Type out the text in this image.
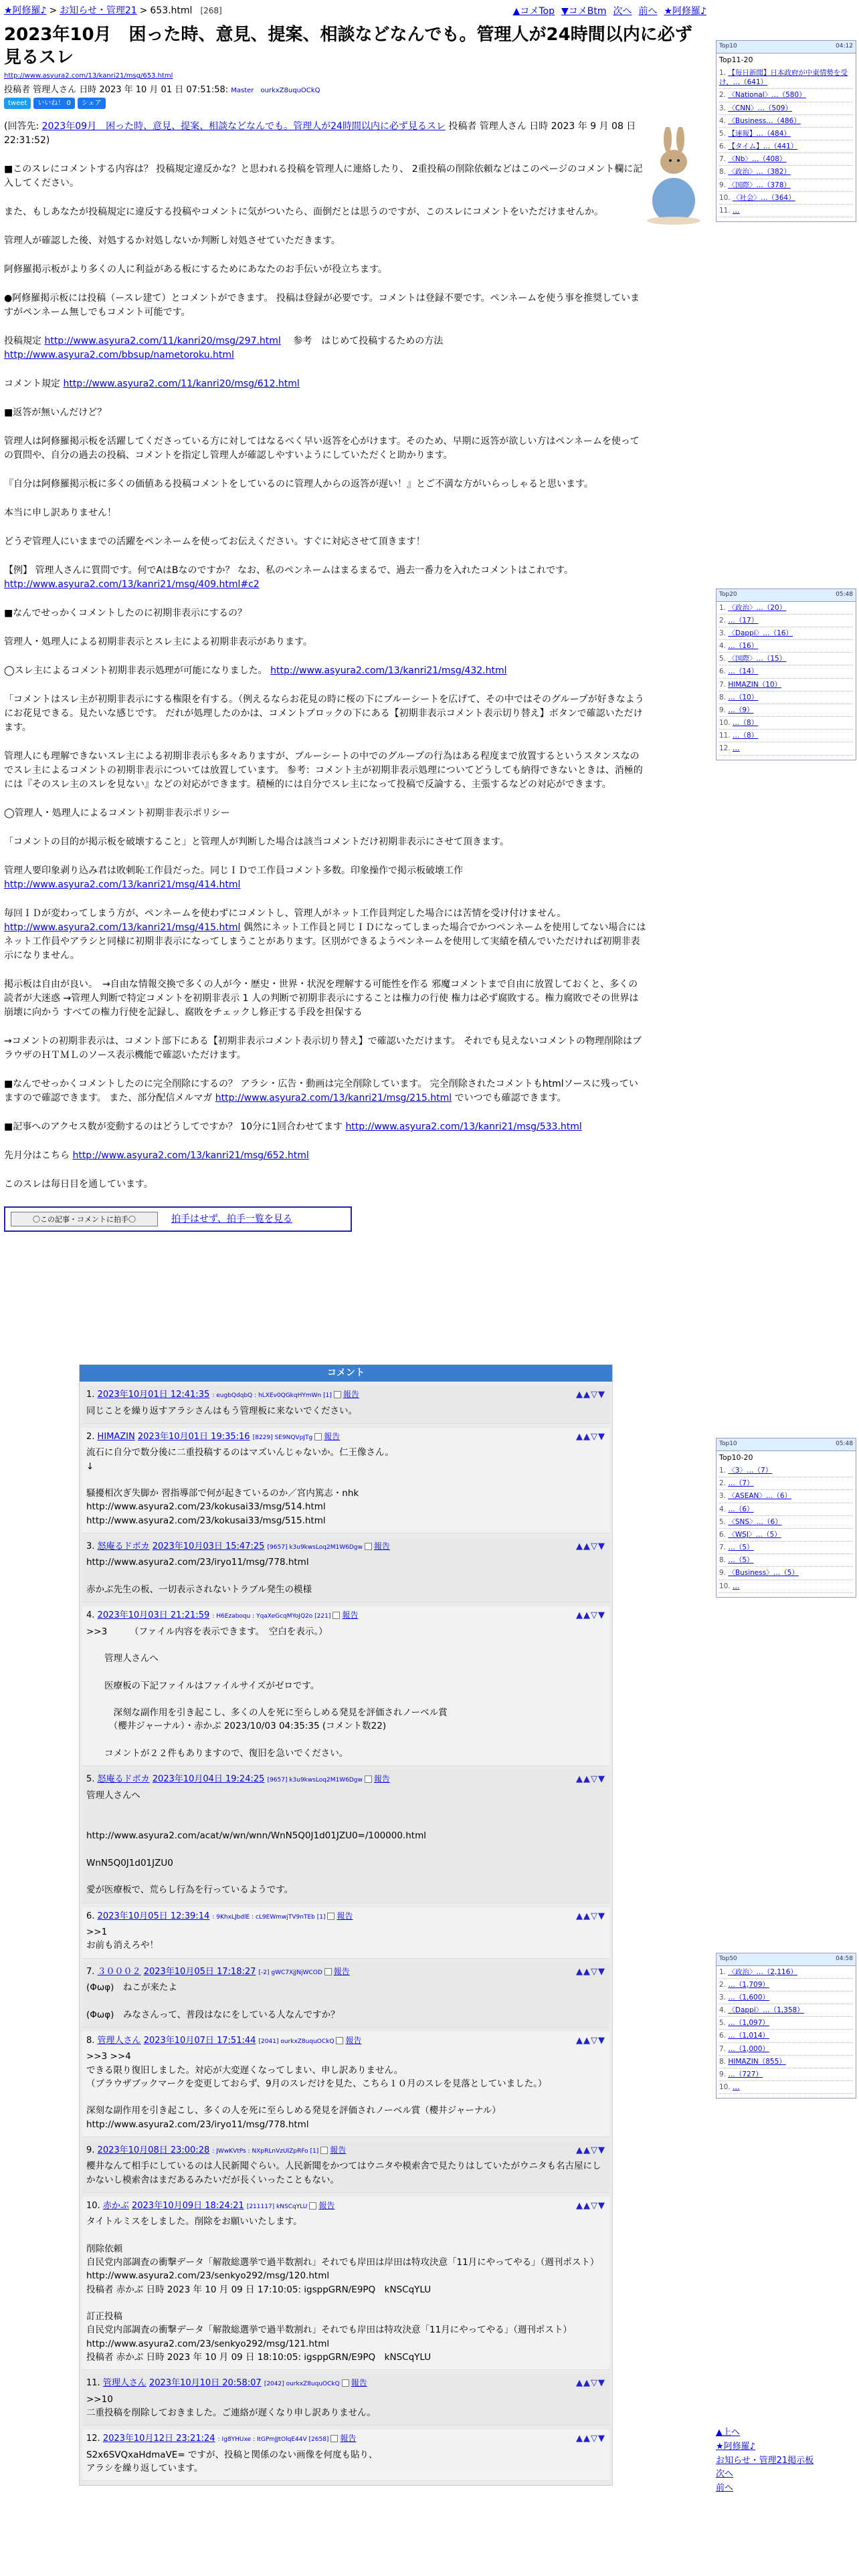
★阿修羅♪ > お知らせ・管理21 > 653.html [268]
2023年10月　困った時、意見、提案、相談などなんでも。管理人が24時間以内に必ず見るスレ
http://www.asyura2.com/13/kanri21/msg/653.html
投稿者 管理人さん 日時 2023 年 10 月 01 日 07:51:58: Master　ourkxZ8uquOCkQ
tweet	いいね！ 0	シェア

(回答先: 2023年09月　困った時、意見、提案、相談などなんでも。管理人が24時間以内に必ず見るスレ 投稿者 管理人さん 日時 2023 年 9 月 08 日 22:31:52)

■このスレにコメントする内容は？ 投稿規定違反かな？と思われる投稿を管理人に連絡したり、 2重投稿の削除依頼などはこのページのコメント欄に記入してください。

また、もしあなたが投稿規定に違反する投稿やコメントに気がついたら、面倒だとは思うのですが、このスレにコメントをいただけませんか。

管理人が確認した後、対処するか対処しないか判断し対処させていただきます。

阿修羅掲示板がより多くの人に利益がある板にするためにあなたのお手伝いが役立ちます。

●阿修羅掲示板には投稿（ースレ建て）とコメントができます。 投稿は登録が必要です。コメントは登録不要です。ペンネームを使う事を推奨していますがペンネーム無しでもコメント可能です。

投稿規定 http://www.asyura2.com/11/kanri20/msg/297.html 　参考　はじめて投稿するための方法 http://www.asyura2.com/bbsup/nametoroku.html

コメント規定 http://www.asyura2.com/11/kanri20/msg/612.html

■返答が無いんだけど？

管理人は阿修羅掲示板を活躍してくださっている方に対してはなるべく早い返答を心がけます。そのため、早期に返答が欲しい方はペンネームを使っての質問や、自分の過去の投稿、コメントを指定し管理人が確認しやすいようにしていただくと助かります。

『自分は阿修羅掲示板に多くの価値ある投稿コメントをしているのに管理人からの返答が遅い！』とご不満な方がいらっしゃると思います。

本当に申し訳ありません！

どうぞ管理人にいままでの活躍をペンネームを使ってお伝えください。すぐに対応させて頂きます！

【例】 管理人さんに質問です。何でAはBなのですか？ なお、私のペンネームはまるまるで、過去一番力を入れたコメントはこれです。 http://www.asyura2.com/13/kanri21/msg/409.html#c2

■なんでせっかくコメントしたのに初期非表示にするの？

管理人・処理人による初期非表示とスレ主による初期非表示があります。

◯スレ主によるコメント初期非表示処理が可能になりました。 http://www.asyura2.com/13/kanri21/msg/432.html

「コメントはスレ主が初期非表示にする権限を有する。（例えるならお花見の時に桜の下にブルーシートを広げて、その中ではそのグループが好きなようにお花見できる。見たいな感じです。 だれが処理したのかは、コメントブロックの下にある【初期非表示コメント表示切り替え】ボタンで確認いただけます。

管理人にも理解できないスレ主による初期非表示も多々ありますが、ブルーシートの中でのグループの行為はある程度まで放置するというスタンスなのでスレ主によるコメントの初期非表示については放置しています。 参考：コメント主が初期非表示処理についてどうしても納得できないときは、消極的には『そのスレ主のスレを見ない』などの対応ができます。積極的には自分でスレ主になって投稿で反論する、主張するなどの対応ができます。

◯管理人・処理人によるコメント初期非表示ポリシー

「コメントの目的が掲示板を破壊すること」と管理人が判断した場合は該当コメントだけ初期非表示にさせて頂きます。

管理人要印象剥り込み君は敗刺恥工作員だった。同じＩＤで工作員コメント多数。印象操作で掲示板破壊工作 http://www.asyura2.com/13/kanri21/msg/414.html

毎回ＩＤが変わってしまう方が、ペンネームを使わずにコメントし、管理人がネット工作員判定した場合には苦情を受け付けません。 http://www.asyura2.com/13/kanri21/msg/415.html 偶然にネット工作員と同じＩＤになってしまった場合でかつペンネームを使用してない場合にはネット工作員やアラシと同様に初期非表示になってしまうことがあります。区別ができるようペンネームを使用して実績を積んでいただければ初期非表示になりません。

掲示板は自由が良い。　→自由な情報交換で多くの人が今・歴史・世界・状況を理解する可能性を作る 邪魔コメントまで自由に放置しておくと、多くの読者が大迷惑 →管理人判断で特定コメントを初期非表示 1 人の判断で初期非表示にすることは権力の行使 権力は必ず腐敗する。権力腐敗でその世界は崩壊に向かう すべての権力行使を記録し、腐敗をチェックし修正する手段を担保する

→コメントの初期非表示は、コメント部下にある【初期非表示コメント表示切り替え】で確認いただけます。 それでも見えないコメントの物理削除はブラウザのＨＴＭＬのソース表示機能で確認いただけます。

■なんでせっかくコメントしたのに完全削除にするの？ アラシ・広告・動画は完全削除しています。 完全削除されたコメントもhtmlソースに残っていますので確認できます。 また、部分配信メルマガ http://www.asyura2.com/13/kanri21/msg/215.html でいつでも確認できます。

■記事へのアクセス数が変動するのはどうしてですか？ 10分に1回合わせてます http://www.asyura2.com/13/kanri21/msg/533.html

先月分はこちら http://www.asyura2.com/13/kanri21/msg/652.html

このスレは毎日目を通しています。

〇この記事・コメントに拍手〇	拍手はせず、拍手一覧を見る
▲コメTop ▼コメBtm 次へ 前へ ★阿修羅♪
コメント
1. 2023年10月01日 12:41:35 : eugbQdqbQ : hLXEv0QGkqHYmWn [1] 報告	▲▲▽▼
同じことを繰り返すアラシさんはもう管理板に来ないでください。
2. HIMAZIN 2023年10月01日 19:35:16 [8229] SE9NQVpJTg 報告	▲▲▽▼
流石に自分で数分後に二重投稿するのはマズいんじゃないか。仁王像さん。
↓

騒擾相次ぎ失脚か 習指導部で何が起きているのか／宮内篤志・nhk
http://www.asyura2.com/23/kokusai33/msg/514.html
http://www.asyura2.com/23/kokusai33/msg/515.html
3. 怒庵るドボカ 2023年10月03日 15:47:25 [9657] k3u9kwsLoq2M1W6Dgw 報告	▲▲▽▼
http://www.asyura2.com/23/iryo11/msg/778.html

赤かぶ先生の板、一切表示されないトラブル発生の模様
4. 2023年10月03日 21:21:59 : H6Ezaboqu : YqaXeGcqMYoJQ2o [221] 報告	▲▲▽▼
>>3　　　（ファイル内容を表示できます。　空白を表示。）

　　管理人さんへ

　　医療板の下記ファイルはファイルサイズがゼロです。

　　　深刻な副作用を引き起こし、多くの人を死に至らしめる発見を評価されノーベル賞
　　　（櫻井ジャーナル）・赤かぶ 2023/10/03 04:35:35 (コメント数22)

　　コメントが２２件もありますので、復旧を急いでください。
5. 怒庵るドボカ 2023年10月04日 19:24:25 [9657] k3u9kwsLoq2M1W6Dgw 報告	▲▲▽▼
管理人さんへ

http://www.asyura2.com/acat/w/wn/wnn/WnN5Q0J1d01JZU0=/100000.html

WnN5Q0J1d01JZU0

愛が医療板で、荒らし行為を行っているようです。
6. 2023年10月05日 12:39:14 : 9KhxLJbdlE : cL9EWmwjTV9nTEb [1] 報告	▲▲▽▼
>>1
お前も消えろや！
7. ３０００２ 2023年10月05日 17:18:27 [-2] gWC7XjJNjWCOD 報告	▲▲▽▼
(Φωφ)　ねこが来たよ

(Φωφ)　みなさんって、普段はなにをしている人なんですか？
8. 管理人さん 2023年10月07日 17:51:44 [2041] ourkxZ8uquOCkQ 報告	▲▲▽▼
>>3 >>4
できる限り復旧しました。対応が大変遅くなってしまい、申し訳ありません。
（ブラウザブックマークを変更しておらず、9月のスレだけを見た、こちら１０月のスレを見落としていました。）

深刻な副作用を引き起こし、多くの人を死に至らしめる発見を評価されノーベル賞（櫻井ジャーナル）
http://www.asyura2.com/23/iryo11/msg/778.html
9. 2023年10月08日 23:00:28 : JWwKVtPs : NXpRLnVzUIZpRFo [1] 報告	▲▲▽▼
櫻井なんて相手にしているのは人民新聞ぐらい。人民新聞をかつてはウニタや模索舎で見たりはしていたがウニタも名古屋にしかないし模索舎はまだあるみたいだが長くいったこともない。
10. 赤かぶ 2023年10月09日 18:24:21 [211117] kNSCqYLU 報告	▲▲▽▼
タイトルミスをしました。削除をお願いいたします。

削除依頼
自民党内部調査の衝撃データ「解散総選挙で過半数割れ」それでも岸田は岸田は特攻決意「11月にやってやる」（週刊ポスト）
http://www.asyura2.com/23/senkyo292/msg/120.html
投稿者 赤かぶ 日時 2023 年 10 月 09 日 17:10:05: igsppGRN/E9PQ　kNSCqYLU

訂正投稿
自民党内部調査の衝撃データ「解散総選挙で過半数割れ」それでも岸田は特攻決意「11月にやってやる」（週刊ポスト）
http://www.asyura2.com/23/senkyo292/msg/121.html
投稿者 赤かぶ 日時 2023 年 10 月 09 日 18:10:05: igsppGRN/E9PQ　kNSCqYLU
11. 管理人さん 2023年10月10日 20:58:07 [2042] ourkxZ8uquOCkQ 報告	▲▲▽▼
>>10
二重投稿を削除しておきました。ご連絡が遅くなり申し訳ありません。
12. 2023年10月12日 23:21:24 : Ig8YHUxe : ItGPmJJtOlqE44V [2658] 報告	▲▲▽▼
S2x6SVQxaHdmaVE= ですが、投稿と関係のない画像を何度も貼り、
アラシを繰り返しています。
Top10	04:12
Top11-20
1. 【毎日新聞】日本政府が中東情勢を受け、…（641）
2. 〈National〉…（580）
3. 〈CNN〉…（509）
4. 〈Business…（486）
5. 【速報】…（484）
6. 【タイム】…（441）
7. 〈Nb〉…（408）
8. 〈政治〉…（382）
9. 〈国際〉…（378）
10. 〈社会〉…（364）
11. …
Top20	05:48
1. 〈政治〉…（20）
2. …（17）
3. 〈Dappi〉…（16）
4. …（16）
5. 〈国際〉…（15）
6. …（14）
7. HIMAZIN（10）
8. …（10）
9. …（9）
10. …（8）
11. …（8）
12. …
Top10	05:48
Top10-20
1. 〈3〉…（7）
2. …（7）
3. 〈ASEAN〉…（6）
4. …（6）
5. 〈SNS〉…（6）
6. 〈WSJ〉…（5）
7. …（5）
8. …（5）
9. 〈Business〉…（5）
10. …
Top50	04:58
1. 〈政治〉…（2,116）
2. …（1,709）
3. …（1,600）
4. 〈Dappi〉…（1,358）
5. …（1,097）
6. …（1,014）
7. …（1,000）
8. HIMAZIN（855）
9. …（727）
10. …
▲上へ
★阿修羅♪
お知らせ・管理21掲示板
次へ
前へ
